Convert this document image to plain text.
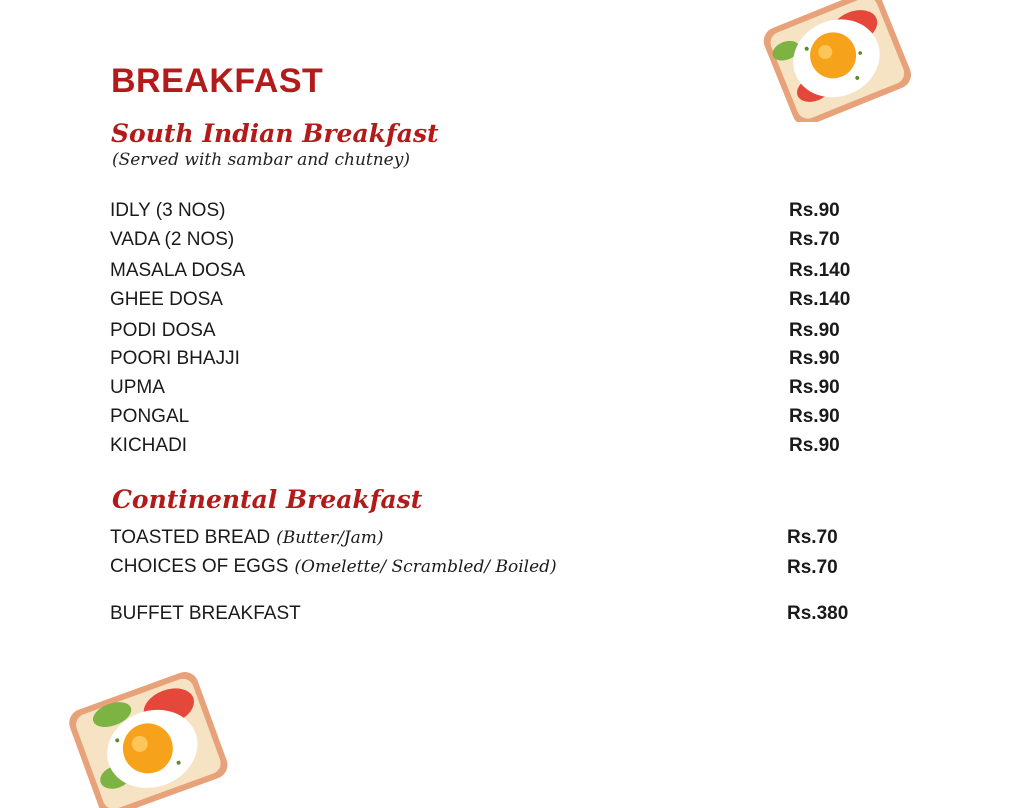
BREAKFAST
South Indian Breakfast

(Served with sambar and chutney)

IDLY (3 NOS)	Rs.90
VADA (2 NOS)	Rs.70
MASALA DOSA	Rs.140
GHEE DOSA	Rs.140
PODI DOSA	Rs.90
POORI BHAJJI	Rs.90
UPMA	Rs.90
PONGAL	Rs.90
KICHADI	Rs.90
Continental Breakfast
TOASTED BREAD (Butter/Jam)	Rs.70
CHOICES OF EGGS (Omelette/ Scrambled/ Boiled)	Rs.70
BUFFET BREAKFAST	Rs.380
